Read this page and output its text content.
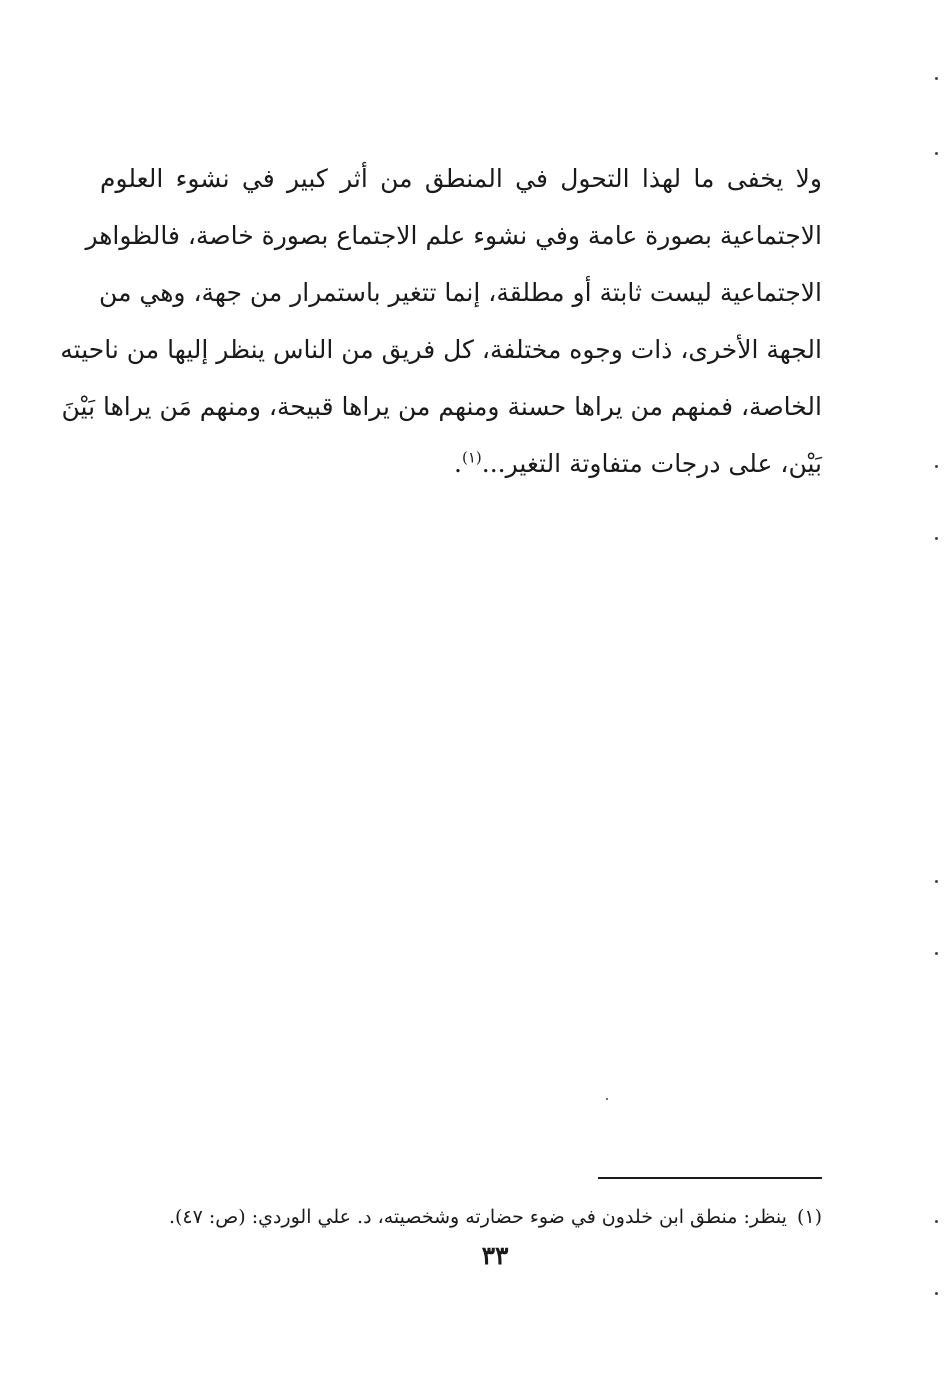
ولا يخفى ما لهذا التحول في المنطق من أثر كبير في نشوء العلوم
الاجتماعية بصورة عامة وفي نشوء علم الاجتماع بصورة خاصة، فالظواهر
الاجتماعية ليست ثابتة أو مطلقة، إنما تتغير باستمرار من جهة، وهي من
الجهة الأخرى، ذات وجوه مختلفة، كل فريق من الناس ينظر إليها من ناحيته
الخاصة، فمنهم من يراها حسنة ومنهم من يراها قبيحة، ومنهم مَن يراها بَيْنَ
بَيْن، على درجات متفاوتة التغير...$^{(١)}$.
(١)ينظر: منطق ابن خلدون في ضوء حضارته وشخصيته، د. علي الوردي: (ص: ٤٧).
٣٣
